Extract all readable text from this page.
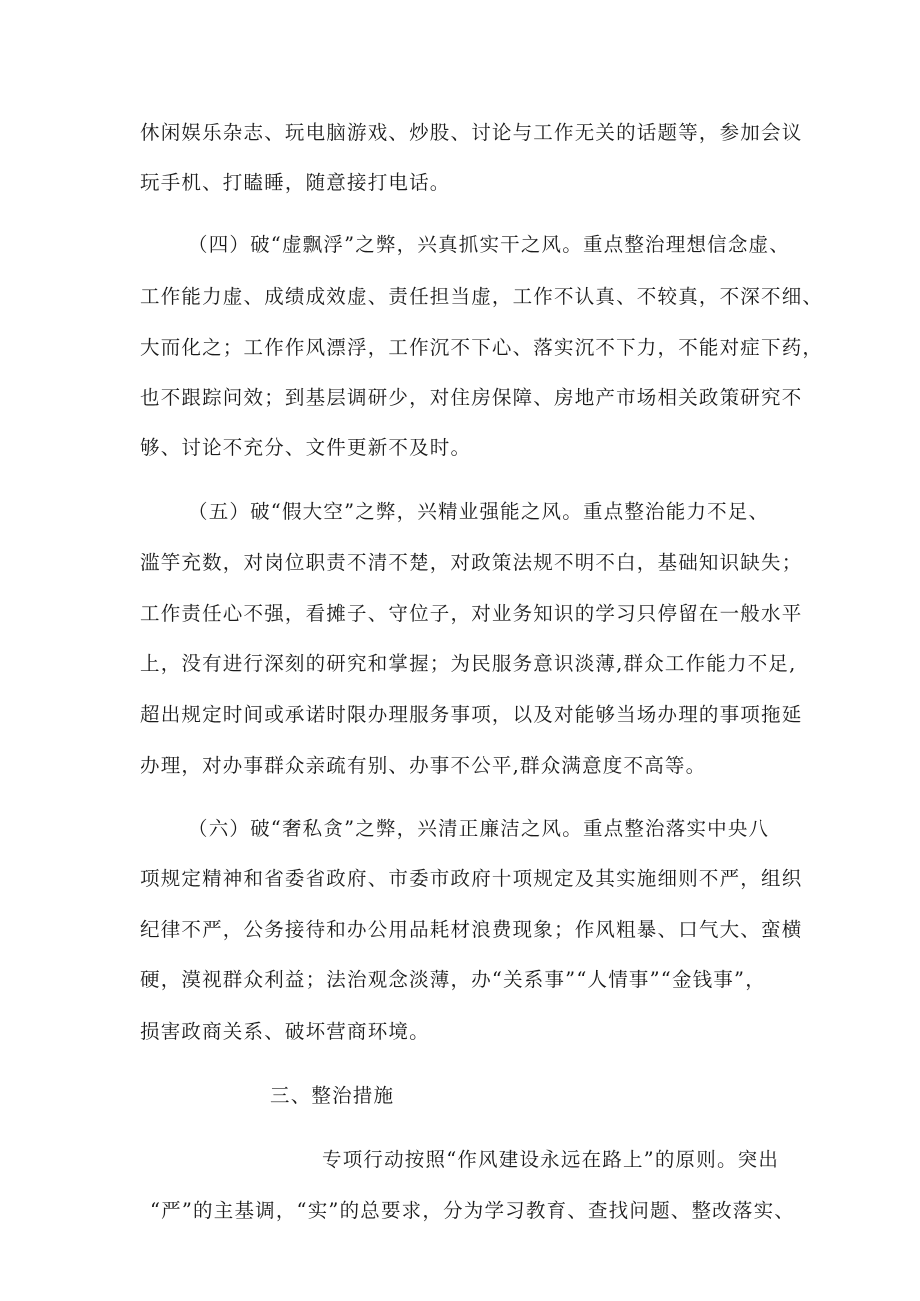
休闲娱乐杂志、玩电脑游戏、炒股、讨论与工作无关的话题等，参加会议
玩手机、打瞌睡，随意接打电话。
（四）破“虚飘浮”之弊，兴真抓实干之风。重点整治理想信念虚、
工作能力虚、成绩成效虚、责任担当虚，工作不认真、不较真，不深不细、
大而化之；工作作风漂浮，工作沉不下心、落实沉不下力，不能对症下药，
也不跟踪问效；到基层调研少，对住房保障、房地产市场相关政策研究不
够、讨论不充分、文件更新不及时。
（五）破“假大空”之弊，兴精业强能之风。重点整治能力不足、
滥竽充数，对岗位职责不清不楚，对政策法规不明不白，基础知识缺失；
工作责任心不强，看摊子、守位子，对业务知识的学习只停留在一般水平
上，没有进行深刻的研究和掌握；为民服务意识淡薄,群众工作能力不足,
超出规定时间或承诺时限办理服务事项，以及对能够当场办理的事项拖延
办理，对办事群众亲疏有别、办事不公平,群众满意度不高等。
（六）破“奢私贪”之弊，兴清正廉洁之风。重点整治落实中央八
项规定精神和省委省政府、市委市政府十项规定及其实施细则不严，组织
纪律不严，公务接待和办公用品耗材浪费现象；作风粗暴、口气大、蛮横
硬，漠视群众利益；法治观念淡薄，办“关系事”“人情事”“金钱事”，
损害政商关系、破坏营商环境。
三、整治措施
专项行动按照“作风建设永远在路上”的原则。突出
“严”的主基调，“实”的总要求，分为学习教育、查找问题、整改落实、
